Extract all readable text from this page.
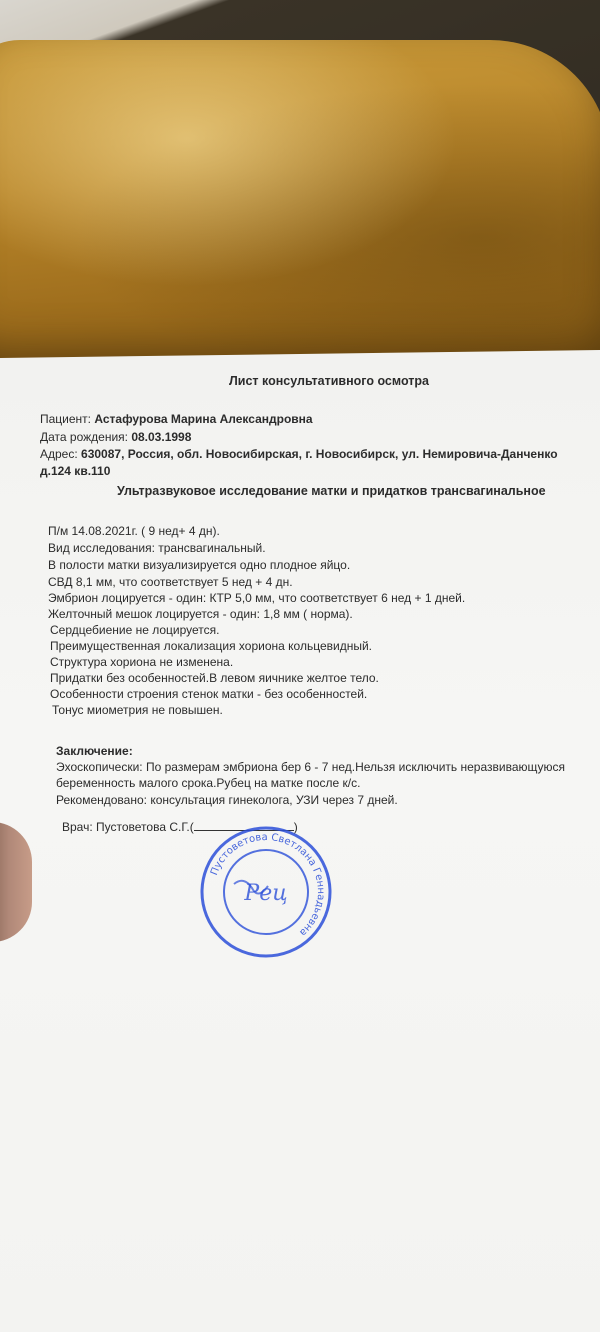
Лист консультативного осмотра
Пациент: Астафурова Марина Александровна
Дата рождения: 08.03.1998
Адрес: 630087, Россия, обл. Новосибирская, г. Новосибирск, ул. Немировича-Данченко
д.124 кв.110
Ультразвуковое исследование матки и придатков трансвагинальное
П/м 14.08.2021г. ( 9 нед+ 4 дн).
Вид исследования: трансвагинальный.
В полости матки визуализируется одно плодное яйцо.
СВД 8,1 мм, что соответствует 5 нед + 4 дн.
Эмбрион лоцируется - один: КТР 5,0 мм, что соответствует 6 нед + 1 дней.
Желточный мешок лоцируется - один: 1,8 мм ( норма).
Сердцебиение не лоцируется.
Преимущественная локализация хориона кольцевидный.
Структура хориона не изменена.
Придатки без особенностей.В левом яичнике желтое тело.
Особенности строения стенок матки - без особенностей.
Тонус миометрия не повышен.
Заключение:
Эхоскопически: По размерам эмбриона бер 6 - 7 нед.Нельзя исключить неразвивающуюся
беременность малого срока.Рубец на матке после к/с.
Рекомендовано: консультация гинеколога, УЗИ через 7 дней.
Врач: Пустоветова С.Г.(	)
Пустоветова Светлана Геннадьевна
Рец
